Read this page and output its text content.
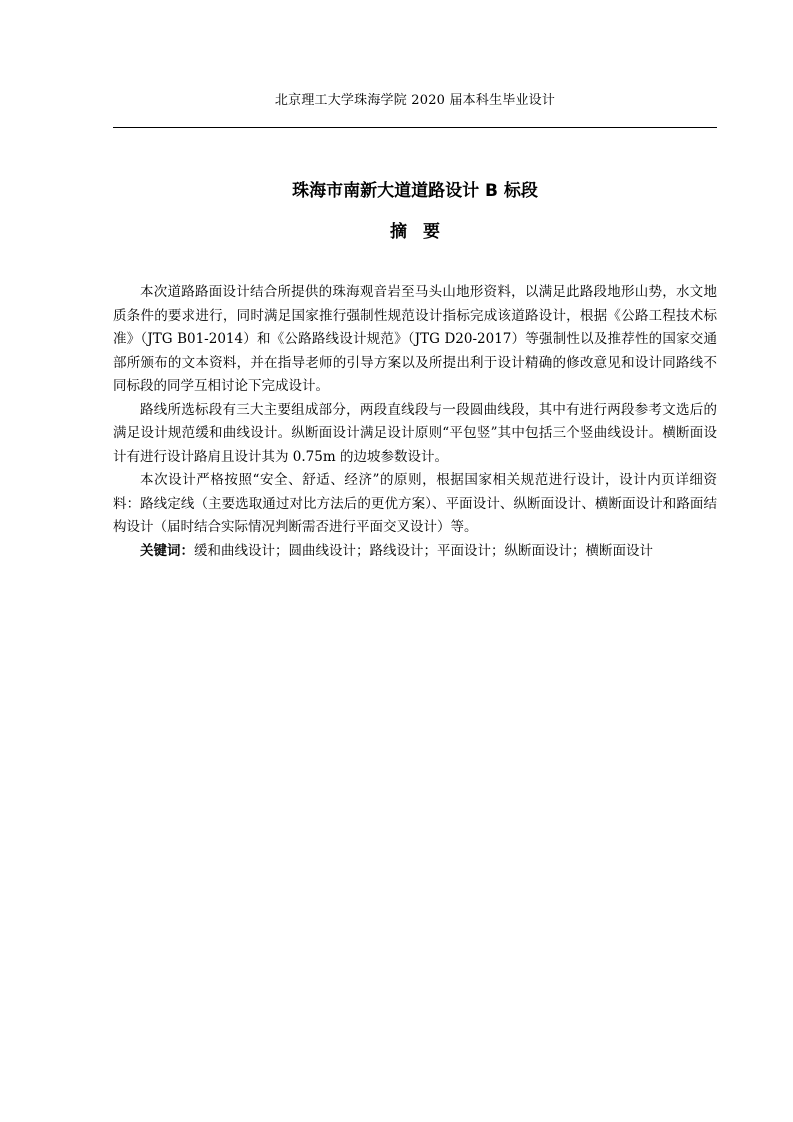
北京理工大学珠海学院 2020 届本科生毕业设计
珠海市南新大道道路设计 B 标段
摘要

本次道路路面设计结合所提供的珠海观音岩至马头山地形资料，以满足此路段地形山势，水文地质条件的要求进行，同时满足国家推行强制性规范设计指标完成该道路设计，根据《公路工程技术标准》（JTG B01-2014）和《公路路线设计规范》（JTG D20-2017）等强制性以及推荐性的国家交通部所颁布的文本资料，并在指导老师的引导方案以及所提出利于设计精确的修改意见和设计同路线不同标段的同学互相讨论下完成设计。

路线所选标段有三大主要组成部分，两段直线段与一段圆曲线段，其中有进行两段参考文选后的满足设计规范缓和曲线设计。纵断面设计满足设计原则“平包竖”其中包括三个竖曲线设计。横断面设计有进行设计路肩且设计其为 0.75m 的边坡参数设计。

本次设计严格按照“安全、舒适、经济”的原则，根据国家相关规范进行设计，设计内页详细资料：路线定线（主要选取通过对比方法后的更优方案）、平面设计、纵断面设计、横断面设计和路面结构设计（届时结合实际情况判断需否进行平面交叉设计）等。

关键词：缓和曲线设计；圆曲线设计；路线设计；平面设计；纵断面设计；横断面设计
